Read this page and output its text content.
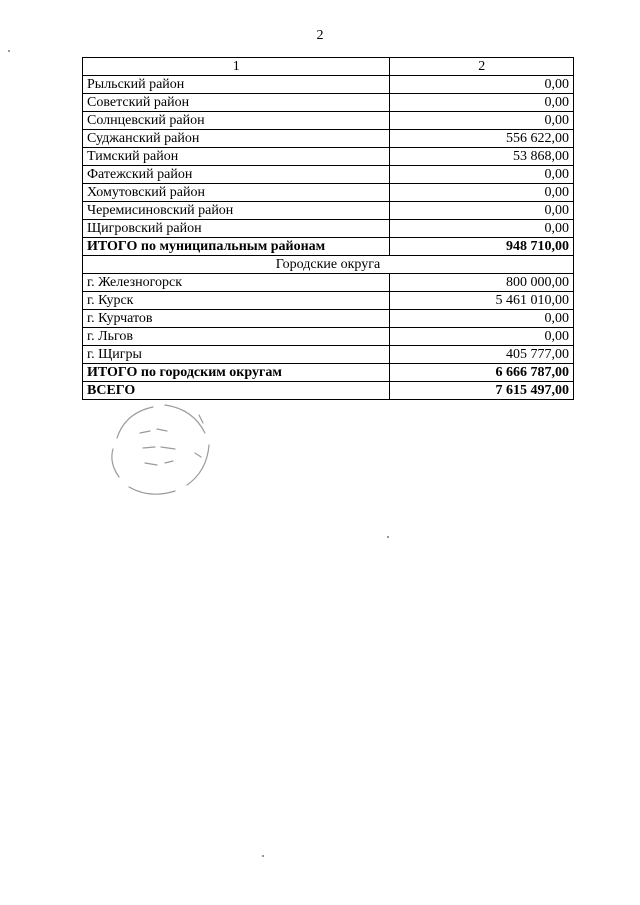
2
1	2
Рыльский район	0,00
Советский район	0,00
Солнцевский район	0,00
Суджанский район	556 622,00
Тимский район	53 868,00
Фатежский район	0,00
Хомутовский район	0,00
Черемисиновский район	0,00
Щигровский район	0,00
ИТОГО по муниципальным районам	948 710,00
Городские округа	
г. Железногорск	800 000,00
г. Курск	5 461 010,00
г. Курчатов	0,00
г. Льгов	0,00
г. Щигры	405 777,00
ИТОГО по городским округам	6 666 787,00
ВСЕГО	7 615 497,00
